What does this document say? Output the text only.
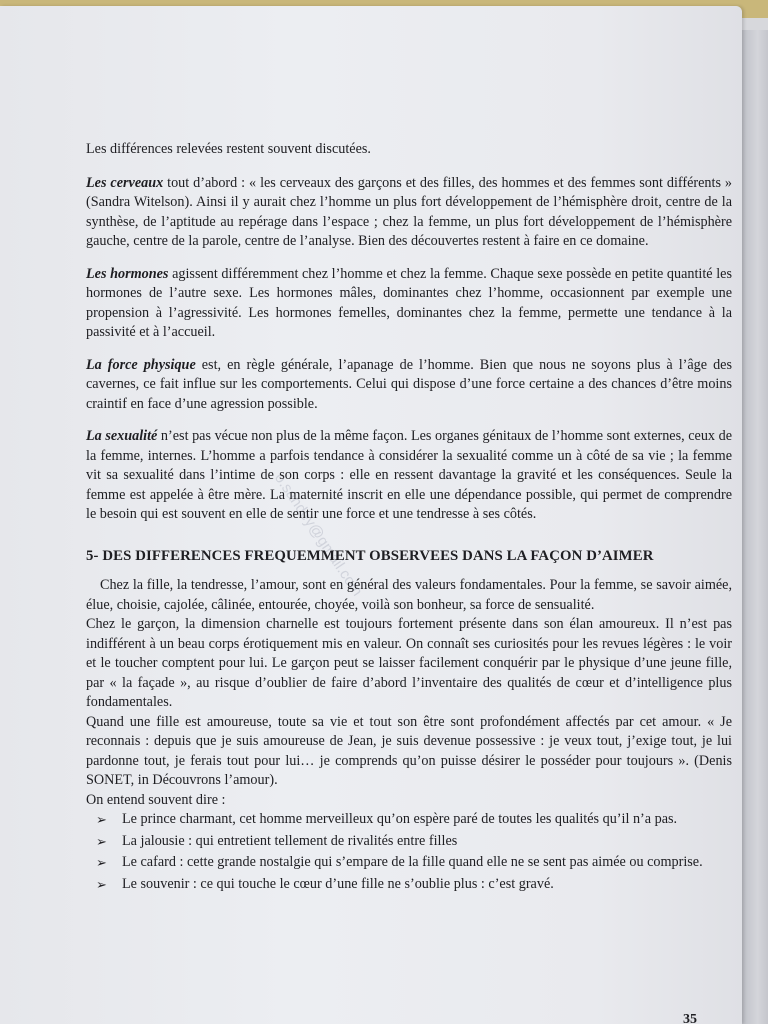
o.sandey@gmail.com

Les différences relevées restent souvent discutées.

Les cerveaux tout d’abord : « les cerveaux des garçons et des filles, des hommes et des femmes sont différents » (Sandra Witelson). Ainsi il y aurait chez l’homme un plus fort développement de l’hémisphère droit, centre de la synthèse, de l’aptitude au repérage dans l’espace ; chez la femme, un plus fort développement de l’hémisphère gauche, centre de la parole, centre de l’analyse. Bien des découvertes restent à faire en ce domaine.

Les hormones agissent différemment chez l’homme et chez la femme. Chaque sexe possède en petite quantité les hormones de l’autre sexe. Les hormones mâles, dominantes chez l’homme, occasionnent par exemple une propension à l’agressivité. Les hormones femelles, dominantes chez la femme, permette une tendance à la passivité et à l’accueil.

La force physique est, en règle générale, l’apanage de l’homme. Bien que nous ne soyons plus à l’âge des cavernes, ce fait influe sur les comportements. Celui qui dispose d’une force certaine a des chances d’être moins craintif en face d’une agression possible.

La sexualité n’est pas vécue non plus de la même façon. Les organes génitaux de l’homme sont externes, ceux de la femme, internes. L’homme a parfois tendance à considérer la sexualité comme un à côté de sa vie ; la femme vit sa sexualité dans l’intime de son corps : elle en ressent davantage la gravité et les conséquences. Seule la femme est appelée à être mère. La maternité inscrit en elle une dépendance possible, qui permet de comprendre le besoin qui est souvent en elle de sentir une force et une tendresse à ses côtés.

5- DES DIFFERENCES FREQUEMMENT OBSERVEES DANS LA FAÇON D’AIMER

Chez la fille, la tendresse, l’amour, sont en général des valeurs fondamentales. Pour la femme, se savoir aimée, élue, choisie, cajolée, câlinée, entourée, choyée, voilà son bonheur, sa force de sensualité.

Chez le garçon, la dimension charnelle est toujours fortement présente dans son élan amoureux. Il n’est pas indifférent à un beau corps érotiquement mis en valeur. On connaît ses curiosités pour les revues légères : le voir et le toucher comptent pour lui. Le garçon peut se laisser facilement conquérir par le physique d’une jeune fille, par « la façade », au risque d’oublier de faire d’abord l’inventaire des qualités de cœur et d’intelligence plus fondamentales.

Quand une fille est amoureuse, toute sa vie et tout son être sont profondément affectés par cet amour. « Je reconnais : depuis que je suis amoureuse de Jean, je suis devenue possessive : je veux tout, j’exige tout, je lui pardonne tout, je ferais tout pour lui… je comprends qu’on puisse désirer le posséder pour toujours ». (Denis SONET, in Découvrons l’amour).

On entend souvent dire :

➢	Le prince charmant, cet homme merveilleux qu’on espère paré de toutes les qualités qu’il n’a pas.
➢	La jalousie : qui entretient tellement de rivalités entre filles
➢	Le cafard : cette grande nostalgie qui s’empare de la fille quand elle ne se sent pas aimée ou comprise.
➢	Le souvenir : ce qui touche le cœur d’une fille ne s’oublie plus : c’est gravé.
35
